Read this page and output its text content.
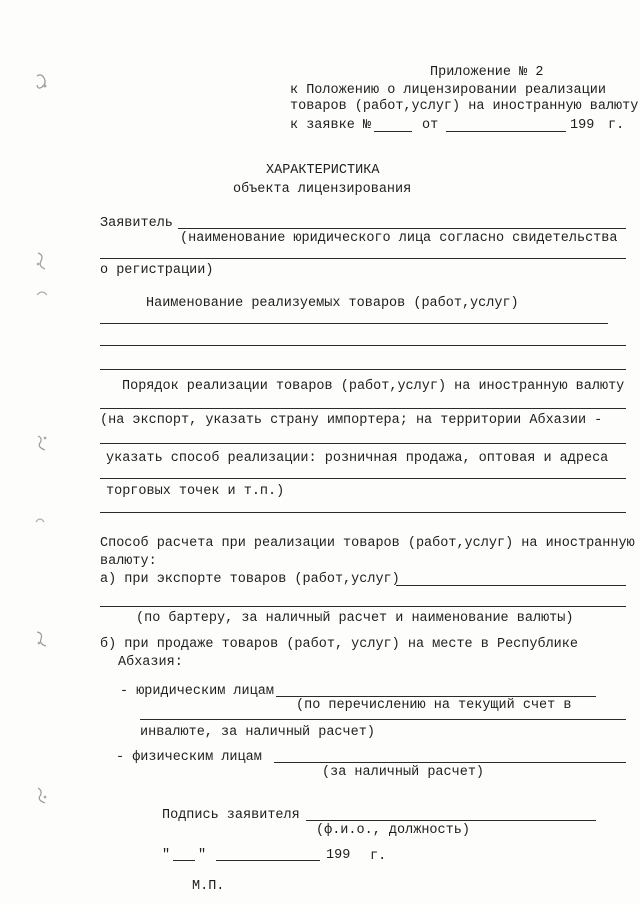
Приложение № 2
к Положению о лицензировании реализации
товаров (работ,услуг) на иностранную валюту
к заявке №	от	199 г.
ХАРАКТЕРИСТИКА
объекта лицензирования
Заявитель
(наименование юридического лица согласно свидетельства
о регистрации)
Наименование реализуемых товаров (работ,услуг)
Порядок реализации товаров (работ,услуг) на иностранную валюту
(на экспорт, указать страну импортера; на территории Абхазии -
указать способ реализации: розничная продажа, оптовая и адреса
торговых точек и т.п.)
Способ расчета при реализации товаров (работ,услуг) на иностранную
валюту:
а) при экспорте товаров (работ,услуг)
(по бартеру, за наличный расчет и наименование валюты)
б) при продаже товаров (работ, услуг) на месте в Республике
Абхазия:
- юридическим лицам
(по перечислению на текущий счет в
инвалюте, за наличный расчет)
- физическим лицам
(за наличный расчет)
Подпись заявителя
(ф.и.о., должность)
" "	199 г.
М.П.
